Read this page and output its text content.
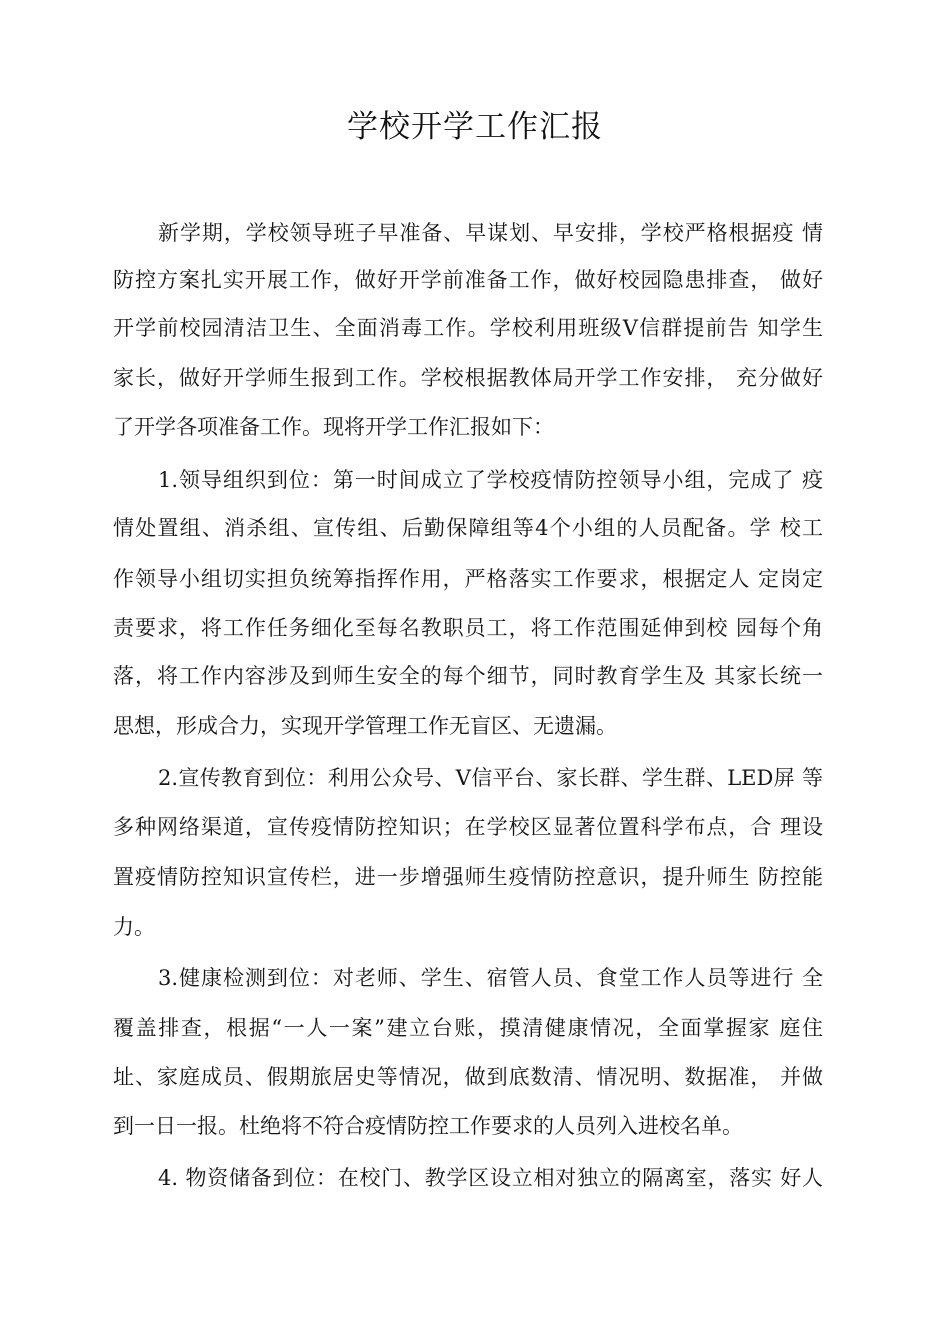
学校开学工作汇报
新学期，学校领导班子早准备、早谋划、早安排，学校严格根据疫 情
防控方案扎实开展工作，做好开学前准备工作，做好校园隐患排查， 做好
开学前校园清洁卫生、全面消毒工作。学校利用班级V信群提前告 知学生
家长，做好开学师生报到工作。学校根据教体局开学工作安排， 充分做好
了开学各项准备工作。现将开学工作汇报如下：
1.领导组织到位：第一时间成立了学校疫情防控领导小组，完成了 疫
情处置组、消杀组、宣传组、后勤保障组等4个小组的人员配备。学 校工
作领导小组切实担负统筹指挥作用，严格落实工作要求，根据定人 定岗定
责要求，将工作任务细化至每名教职员工，将工作范围延伸到校 园每个角
落，将工作内容涉及到师生安全的每个细节，同时教育学生及 其家长统一
思想，形成合力，实现开学管理工作无盲区、无遗漏。
2.宣传教育到位：利用公众号、V信平台、家长群、学生群、LED屏 等
多种网络渠道，宣传疫情防控知识；在学校区显著位置科学布点，合 理设
置疫情防控知识宣传栏，进一步增强师生疫情防控意识，提升师生 防控能
力。
3.健康检测到位：对老师、学生、宿管人员、食堂工作人员等进行 全
覆盖排查，根据“一人一案”建立台账，摸清健康情况，全面掌握家 庭住
址、家庭成员、假期旅居史等情况，做到底数清、情况明、数据准， 并做
到一日一报。杜绝将不符合疫情防控工作要求的人员列入进校名单。
4. 物资储备到位：在校门、教学区设立相对独立的隔离室，落实 好人
